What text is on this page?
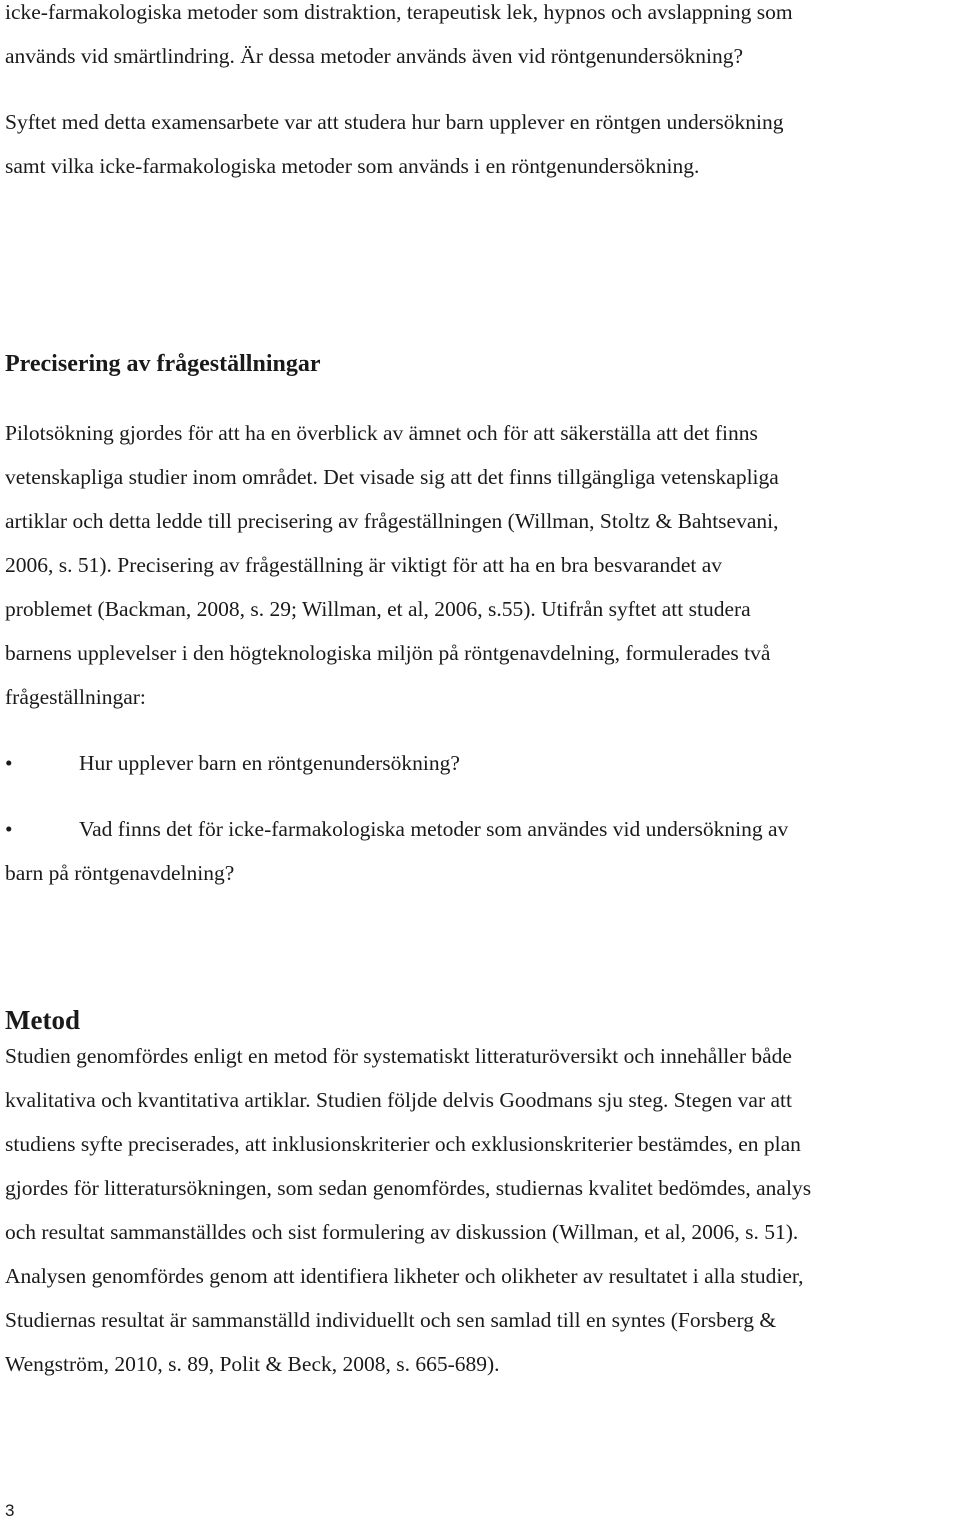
icke-farmakologiska metoder som distraktion, terapeutisk lek, hypnos och avslappning som
används vid smärtlindring. Är dessa metoder används även vid röntgenundersökning?
Syftet med detta examensarbete var att studera hur barn upplever en röntgen undersökning
samt vilka icke-farmakologiska metoder som används i en röntgenundersökning.
Precisering av frågeställningar
Pilotsökning gjordes för att ha en överblick av ämnet och för att säkerställa att det finns
vetenskapliga studier inom området. Det visade sig att det finns tillgängliga vetenskapliga
artiklar och detta ledde till precisering av frågeställningen (Willman, Stoltz & Bahtsevani,
2006, s. 51). Precisering av frågeställning är viktigt för att ha en bra besvarandet av
problemet (Backman, 2008, s. 29; Willman, et al, 2006, s.55). Utifrån syftet att studera
barnens upplevelser i den högteknologiska miljön på röntgenavdelning, formulerades två
frågeställningar:
•	Hur upplever barn en röntgenundersökning?
•	Vad finns det för icke-farmakologiska metoder som användes vid undersökning av
barn på röntgenavdelning?
Metod
Studien genomfördes enligt en metod för systematiskt litteraturöversikt och innehåller både
kvalitativa och kvantitativa artiklar. Studien följde delvis Goodmans sju steg. Stegen var att
studiens syfte preciserades, att inklusionskriterier och exklusionskriterier bestämdes, en plan
gjordes för litteratursökningen, som sedan genomfördes, studiernas kvalitet bedömdes, analys
och resultat sammanställdes och sist formulering av diskussion (Willman, et al, 2006, s. 51).
Analysen genomfördes genom att identifiera likheter och olikheter av resultatet i alla studier,
Studiernas resultat är sammanställd individuellt och sen samlad till en syntes (Forsberg &
Wengström, 2010, s. 89, Polit & Beck, 2008, s. 665-689).
3
